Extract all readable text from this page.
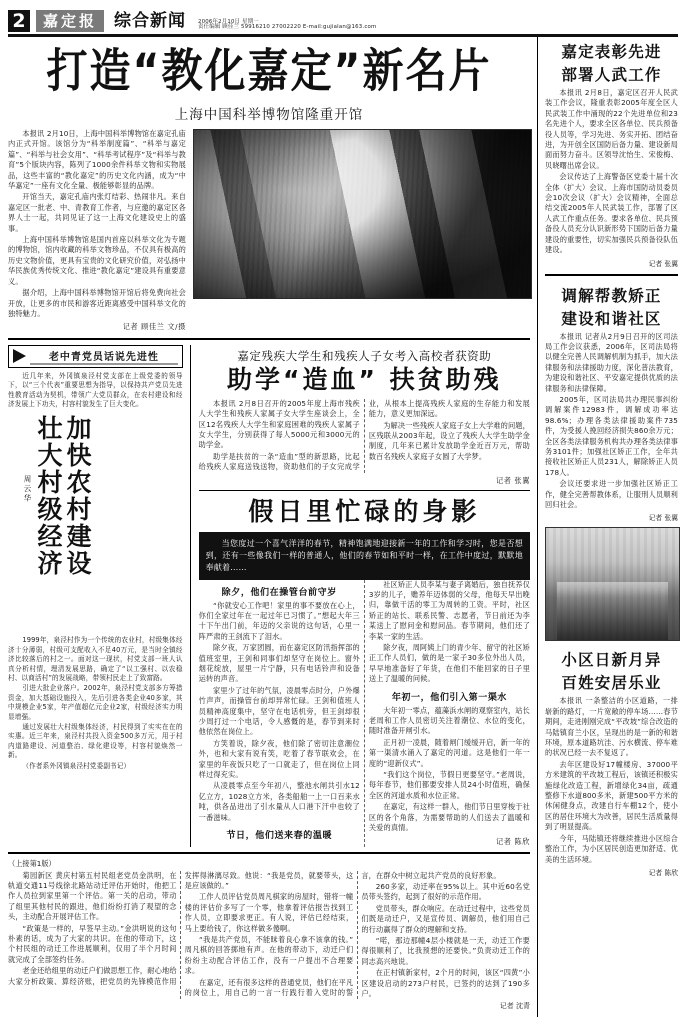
2	嘉定报	综合新闻 2006年2月10日 星期一
责任编辑 顾佳兰 59916210 27002220 E-mail:gujialan@163.com
打造“教化嘉定”新名片
上海中国科举博物馆隆重开馆

本报讯 2月10日，上海中国科举博物馆在嘉定孔庙内正式开馆。该馆分为“科举制度篇”、“科举与嘉定篇”、“科举与社会女用”、“科举考试程序”及“科举与教育”5个版块内容，陈列了1000余件科举文物和实物展品，这些丰富的“教化嘉定”的历史文化内涵，成为“中华嘉定”一座有文化全量、极能够彰显的品牌。

开馆当天，嘉定孔庙内张灯结彩、热闹非凡。来自嘉定区一批老、中、青教育工作者，与应邀的嘉定区各界人士一起，共同见证了这一上海文化建设史上的盛事。

上海中国科举博物馆是国内首座以科举文化为专题的博物馆，馆内收藏的科举文物珍品，不仅具有极高的历史文物价值，更具有宝贵的文化研究价值，对弘扬中华民族优秀传统文化、推进“教化嘉定”建设具有重要意义。

据介绍，上海中国科举博物馆开馆后将免费向社会开放，让更多的市民和游客近距离感受中国科举文化的独特魅力。

记者 顾佳兰 文/摄
老中青党员话说先进性

近几年来，外冈镇泉泾村党支部在上级党委的领导下，以“三个代表”重要思想为指导，以保持共产党员先进性教育活动为契机，带领广大党员群众，在农村建设和经济发展上下功夫，村容村貌发生了巨大变化。

加快农村建设
壮大村级经济
周云华

1999年，泉泾村作为一个传统的农业村，村级集体经济十分薄弱，村级可支配收入不足40万元，是当时全镇经济比较落后的村之一。面对这一现状，村党支部一班人认真分析村情，理清发展思路，确定了“以工强村、以农稳村、以商活村”的发展战略，带领村民走上了致富路。

引进大批企业落户。2002年，泉泾村党支部多方筹措资金，加大基础设施投入，先后引进各类企业40多家，其中规模企业5家，年产值超亿元企业2家，村级经济实力明显增强。

通过发展壮大村级集体经济，村民得到了实实在在的实惠。近三年来，泉泾村共投入资金500多万元，用于村内道路建设、河道整治、绿化建设等，村容村貌焕然一新。

（作者系外冈镇泉泾村党委副书记）

嘉定残疾大学生和残疾人子女考入高校者获资助
助学“造血” 扶贫助残

本报讯 2月8日召开的2005年度上海市残疾人大学生和残疾人家属子女大学生座谈会上，全区12名残疾人大学生和家庭困难的残疾人家属子女大学生，分别获得了每人5000元和3000元的助学金。

助学是扶贫的一条“造血”型的新思路，比起给残疾人家庭送钱送物，资助他们的子女完成学业，从根本上提高残疾人家庭的生存能力和发展能力，意义更加深远。

为解决一些残疾人家庭子女上大学难的问题，区残联从2003年起，设立了残疾人大学生助学金制度，几年来已累计发放助学金近百万元，帮助数百名残疾人家庭子女圆了大学梦。

记者 张翼
假日里忙碌的身影

当您度过一个喜气洋洋的春节，精神饱满地迎接新一年的工作和学习时，您是否想到，还有一些像我们一样的普通人，他们的春节如和平时一样，在工作中度过，默默地奉献着……

除夕，他们在操管台前守岁

“你就安心工作吧！家里的事不要放在心上，你们全家过年在一起过年已习惯了。”想起大年三十下午出门前，年迈的父亲说的这句话，心里一阵严肃的王剑流下了泪水。

除夕夜，万家团圆，而在嘉定区防汛指挥部的值班室里，王剑和同事们却坚守在岗位上。窗外烟花绽放，屋里一片宁静，只有电话铃声和设备运转的声音。

家里少了过年的气氛，凌晨零点时分，户外爆竹声声，而操管台前却异常忙碌。王剑和值班人员精神高度集中，坚守在电话机旁，但王剑却很少周打过一个电话，令人感慨的是，春节到来时他依然在岗位上。

方笑着说，除夕夜，他们除了密切注意潮位外，也和大家有说有笑，吃着了春节联欢会，在家里的年夜饭只吃了一口就走了，但在岗位上同样过得充实。

从凌晨零点至今年初八，整池水闸共引水12亿立方，1028立方米，各类船舶一上一口百来水吨，供各品进出了引水量从人口港下汗中也较了一番滋味。

节日，他们送来春的温暖

社区矫正人员李某与妻子离婚后，独自抚养仅3岁的儿子，赡养年迈体弱的父母，他每天早出晚归，靠做干活的零工为周转的工资。平时，社区矫正的站长、联系民警、志愿者，节日前还为李某送上了慰问金和慰问品。春节期间，他们还了李某一家的生活。

除夕夜，周阿姨上门的青少年、留守的社区矫正工作人员们，做的是一家子30多位外出人员，早早地准备好了年货，在他们不能回家的日子里送上了温暖的问候。

年初一，他们引入第一渠水

大年初一零点，蕴藻浜水闸的观察室内，站长老周和工作人员密切关注着潮位、水位的变化，随时准备开闸引水。

正月初一凌晨，随着闸门缓缓开启，新一年的第一渠清水涌入了嘉定的河道。这是他们一年一度的“迎新仪式”。

“我们这个岗位，节假日更要坚守。”老周说，每年春节，他们都要安排人员24小时值班，确保全区的河道水质和水位正常。

在嘉定，有这样一群人，他们节日里穿梭于社区的各个角落，为需要帮助的人们送去了温暖和关爱的真情。

记者 陈欣
（上接第1版）

菊园新区 黄庆村第五村民组老党员金洪明，在轨道交通11号线徐北路站动迁评估开始时，他把工作人员拉到家里第一个评估。第一关的启动，带动了组里其他村民的跟进，他们纷纷打消了观望的念头，主动配合开展评估工作。

“政策是一样的，早签早主动。”金洪明说的这句朴素的话，成为了大家的共识。在他的带动下，这个村民组的动迁工作进展顺利，仅用了半个月时间就完成了全部签约任务。

老金还给组里的动迁户们做思想工作，耐心地给大家分析政策、算经济账，把党员的先锋模范作用发挥得淋漓尽致。他说：“我是党员，就要带头，这是应该做的。”

工作人员评估党员周凡棋家的房屋时，错将一幢楼的评估价多写了一个零，他拿着评估报告找到工作人员，立即要求更正。有人说，评估已经结束，马上要给钱了，你这样做多傻啊。

“我是共产党员，不能昧着良心拿不该拿的钱。”周凡棋的回答掷地有声。在他的带动下，动迁户们纷纷主动配合评估工作，没有一户提出不合理要求。

在嘉定，还有很多这样的普通党员，他们在平凡的岗位上，用自己的一言一行践行着入党时的誓言，在群众中树立起共产党员的良好形象。

260多家，动迁率在95%以上。其中近60名党员带头签约，起到了很好的示范作用。

党员带头，群众响应。在动迁过程中，这些党员们既是动迁户，又是宣传员、调解员，他们用自己的行动赢得了群众的理解和支持。

“喏，那边那幢4层小楼就是一天，动迁工作要得很顺利了，比我预想的还要快。”负责动迁工作的同志高兴地说。

在正村镇新家村，2个月的时间，该区“四黄”小区建设启动的273户村民，已签约的达到了190多户。

记者 沈青
嘉定表彰先进
部署人武工作

本报讯 2月8日，嘉定区召开人民武装工作会议，隆重表彰2005年度全区人民武装工作中涌现的22个先进单位和23名先进个人，要求全区各单位、民兵预备役人员等，学习先进、务实开拓、团结奋进，为开创全区国防后备力量、建设新局面而努力奋斗。区领导沈怡生、宋俊梅、贝晓曙出席会议。

会议传达了上海警备区党委十届十次全体（扩大）会议、上海市国防动员委员会10次会议（扩大）会议精神，全面总结交流2005年人民武装工作，部署了区人武工作重点任务。要求各单位、民兵预备役人员充分认识新形势下国防后备力量建设的重要性，切实加强民兵预备役队伍建设。

记者 张翼
调解帮教矫正
建设和谐社区

本报讯 记者从2月9日召开的区司法局工作会议获悉，2006年，区司法局将以健全完善人民调解机制为抓手，加大法律服务和法律援助力度，深化普法教育，为建设和谐社区、平安嘉定提供优质的法律服务和法律保障。

2005年，区司法局共办理民事纠纷调解案件12983件，调解成功率达98.6%；办理各类法律援助案件735件，为受援人挽回经济损失860余万元；全区各类法律服务机构共办理各类法律事务3101件；加强社区矫正工作，全年共接收社区矫正人员231人，解除矫正人员178人。

会议还要求进一步加强社区矫正工作，健全完善帮教体系，让服刑人员顺利回归社会。

记者 张翼
小区日新月异
百姓安居乐业

本报讯 一条整洁的小区道路，一排崭新的路灯，一片宽敞的停车场……春节期间，走进刚刚完成“平改坡”综合改造的马陆镇育兰小区，呈现出的是一新的和谐环境，原本道路坑洼、污水横流、停车难的状况已经一去不复返了。

去年区建设好17幢楼房、37000平方米建筑的平改坡工程后，该镇还积极实施绿化改造工程，新增绿化34亩，疏通整修下水道800多米，新建500平方米的休闲健身点，改建自行车棚12个，使小区的居住环境大为改善，居民生活质量得到了明显提高。

今年，马陆镇还将继续推进小区综合整治工作，为小区居民创造更加舒适、优美的生活环境。

记者 陈欣
